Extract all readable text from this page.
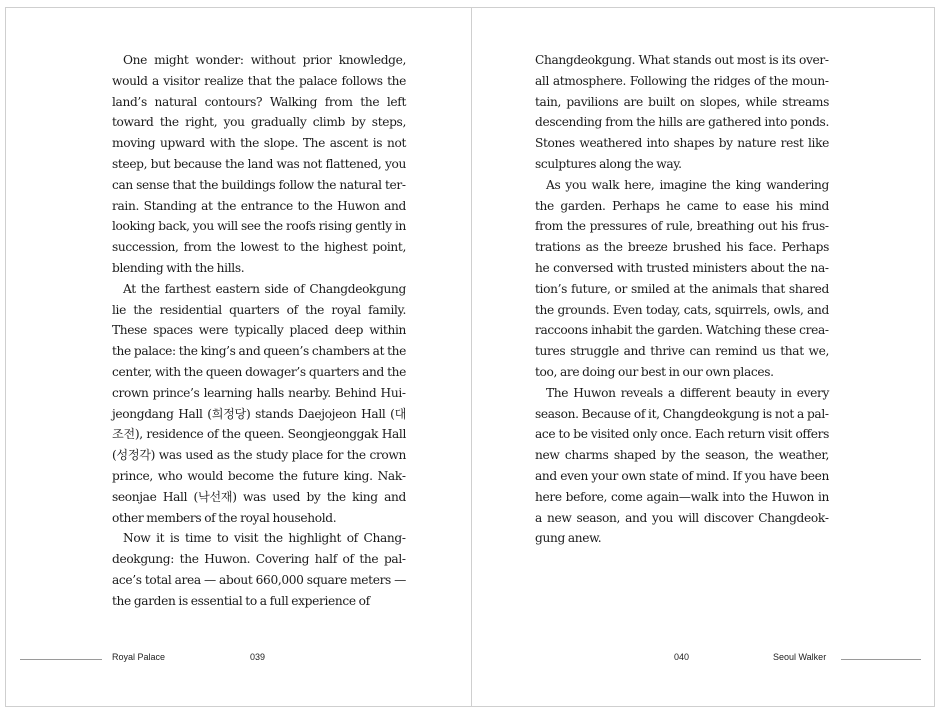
One might wonder: without prior knowledge, would a visitor realize that the palace follows the land’s natural contours? Walking from the left toward the right, you gradually climb by steps, moving upward with the slope. The ascent is not steep, but because the land was not flattened, you can sense that the buildings follow the natural terrain. Standing at the entrance to the Huwon and looking back, you will see the roofs rising gently in succession, from the lowest to the highest point, blending with the hills.

At the farthest eastern side of Changdeokgung lie the residential quarters of the royal family. These spaces were typically placed deep within the palace: the king’s and queen’s chambers at the center, with the queen dowager’s quarters and the crown prince’s learning halls nearby. Behind Huijeongdang Hall (희정당) stands Daejojeon Hall (대조전), residence of the queen. Seongjeonggak Hall (성정각) was used as the study place for the crown prince, who would become the future king. Nakseonjae Hall (낙선재) was used by the king and other members of the royal household.

Now it is time to visit the highlight of Changdeokgung: the Huwon. Covering half of the palace’s total area — about 660,000 square meters — the garden is essential to a full experience of

Changdeokgung. What stands out most is its overall atmosphere. Following the ridges of the mountain, pavilions are built on slopes, while streams descending from the hills are gathered into ponds. Stones weathered into shapes by nature rest like sculptures along the way.

As you walk here, imagine the king wandering the garden. Perhaps he came to ease his mind from the pressures of rule, breathing out his frustrations as the breeze brushed his face. Perhaps he conversed with trusted ministers about the nation’s future, or smiled at the animals that shared the grounds. Even today, cats, squirrels, owls, and raccoons inhabit the garden. Watching these creatures struggle and thrive can remind us that we, too, are doing our best in our own places.

The Huwon reveals a different beauty in every season. Because of it, Changdeokgung is not a palace to be visited only once. Each return visit offers new charms shaped by the season, the weather, and even your own state of mind. If you have been here before, come again—walk into the Huwon in a new season, and you will discover Changdeokgung anew.

Royal Palace	039	040	Seoul Walker
